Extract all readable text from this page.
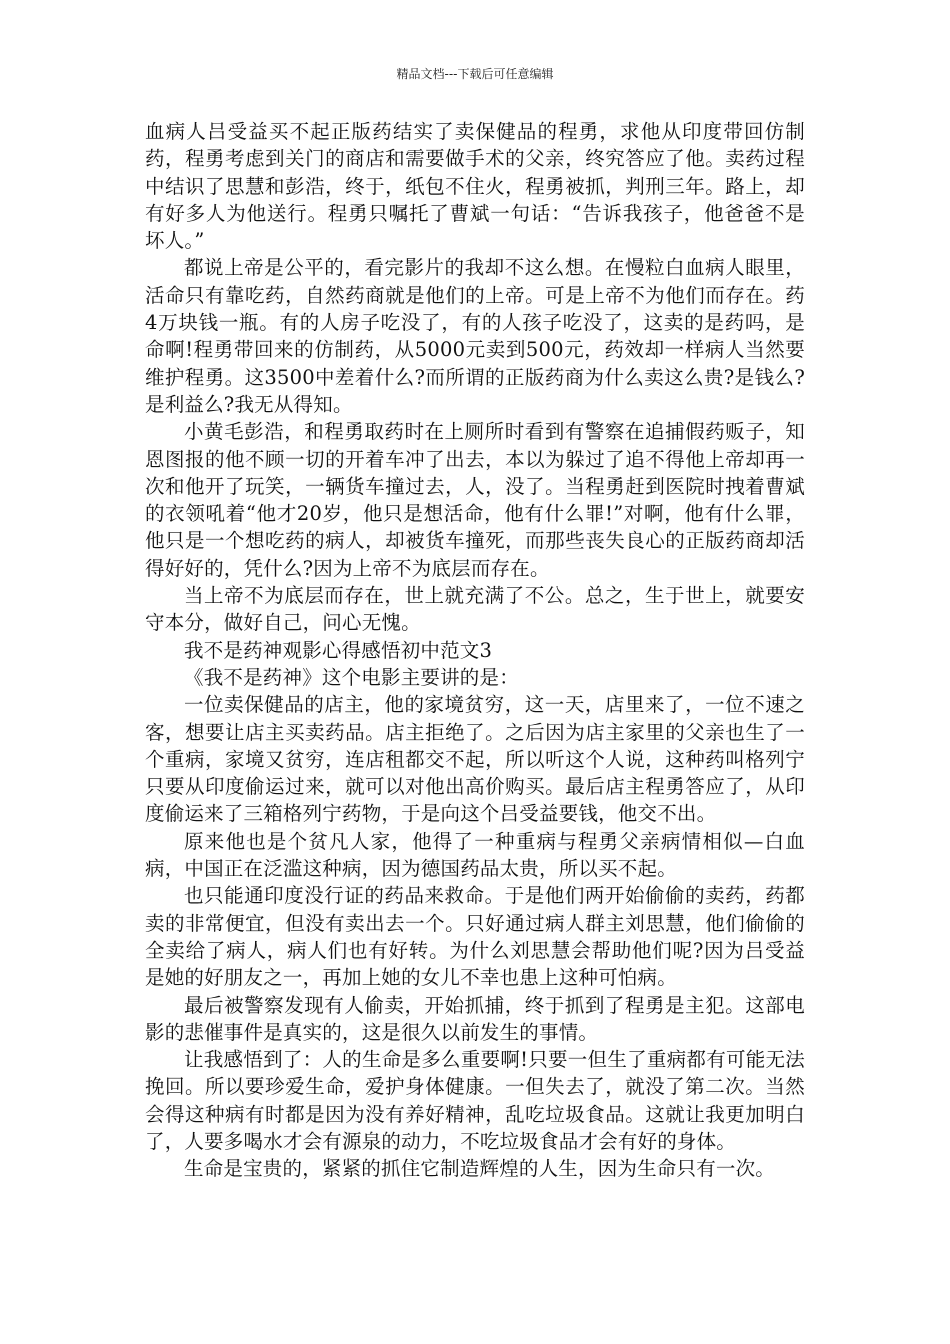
精品文档---下载后可任意编辑

血病人吕受益买不起正版药结实了卖保健品的程勇，求他从印度带回仿制药，程勇考虑到关门的商店和需要做手术的父亲，终究答应了他。卖药过程中结识了思慧和彭浩，终于，纸包不住火，程勇被抓，判刑三年。路上，却有好多人为他送行。程勇只嘱托了曹斌一句话：“告诉我孩子，他爸爸不是坏人。”

都说上帝是公平的，看完影片的我却不这么想。在慢粒白血病人眼里，活命只有靠吃药，自然药商就是他们的上帝。可是上帝不为他们而存在。药4万块钱一瓶。有的人房子吃没了，有的人孩子吃没了，这卖的是药吗，是命啊!程勇带回来的仿制药，从5000元卖到500元，药效却一样病人当然要维护程勇。这3500中差着什么?而所谓的正版药商为什么卖这么贵?是钱么?是利益么?我无从得知。

小黄毛彭浩，和程勇取药时在上厕所时看到有警察在追捕假药贩子，知恩图报的他不顾一切的开着车冲了出去，本以为躲过了追不得他上帝却再一次和他开了玩笑，一辆货车撞过去，人，没了。当程勇赶到医院时拽着曹斌的衣领吼着“他才20岁，他只是想活命，他有什么罪!”对啊，他有什么罪，他只是一个想吃药的病人，却被货车撞死，而那些丧失良心的正版药商却活得好好的，凭什么?因为上帝不为底层而存在。

当上帝不为底层而存在，世上就充满了不公。总之，生于世上，就要安守本分，做好自己，问心无愧。

我不是药神观影心得感悟初中范文3

《我不是药神》这个电影主要讲的是：

一位卖保健品的店主，他的家境贫穷，这一天，店里来了，一位不速之客，想要让店主买卖药品。店主拒绝了。之后因为店主家里的父亲也生了一个重病，家境又贫穷，连店租都交不起，所以听这个人说，这种药叫格列宁只要从印度偷运过来，就可以对他出高价购买。最后店主程勇答应了，从印度偷运来了三箱格列宁药物，于是向这个吕受益要钱，他交不出。

原来他也是个贫凡人家，他得了一种重病与程勇父亲病情相似—白血病，中国正在泛滥这种病，因为德国药品太贵，所以买不起。

也只能通印度没行证的药品来救命。于是他们两开始偷偷的卖药，药都卖的非常便宜，但没有卖出去一个。只好通过病人群主刘思慧，他们偷偷的全卖给了病人，病人们也有好转。为什么刘思慧会帮助他们呢?因为吕受益是她的好朋友之一，再加上她的女儿不幸也患上这种可怕病。

最后被警察发现有人偷卖，开始抓捕，终于抓到了程勇是主犯。这部电影的悲催事件是真实的，这是很久以前发生的事情。

让我感悟到了：人的生命是多么重要啊!只要一但生了重病都有可能无法挽回。所以要珍爱生命，爱护身体健康。一但失去了，就没了第二次。当然会得这种病有时都是因为没有养好精神，乱吃垃圾食品。这就让我更加明白了，人要多喝水才会有源泉的动力，不吃垃圾食品才会有好的身体。

生命是宝贵的，紧紧的抓住它制造辉煌的人生，因为生命只有一次。
